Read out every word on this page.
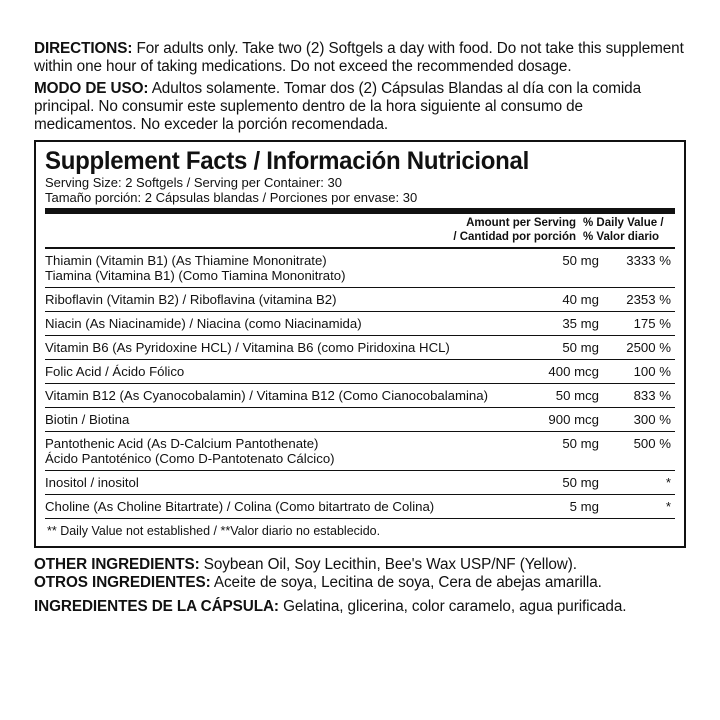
DIRECTIONS: For adults only. Take two (2) Softgels a day with food. Do not take this supplement within one hour of taking medications. Do not exceed the recommended dosage.

MODO DE USO: Adultos solamente. Tomar dos (2) Cápsulas Blandas al día con la comida principal. No consumir este suplemento dentro de la hora siguiente al consumo de medicamentos. No exceder la porción recomendada.

Supplement Facts / Información Nutricional
Serving Size: 2 Softgels / Serving per Container: 30
Tamaño porción: 2 Cápsulas blandas / Porciones por envase: 30
Amount per Serving
/ Cantidad por porción
% Daily Value /
% Valor diario
Thiamin (Vitamin B1) (As Thiamine Mononitrate)
Tiamina (Vitamina B1) (Como Tiamina Mononitrato)
50 mg	3333 %
Riboflavin (Vitamin B2) / Riboflavina (vitamina B2)	40 mg	2353 %
Niacin (As Niacinamide) / Niacina (como Niacinamida)	35 mg	175 %
Vitamin B6 (As Pyridoxine HCL) / Vitamina B6 (como Piridoxina HCL)	50 mg	2500 %
Folic Acid / Ácido Fólico	400 mcg	100 %
Vitamin B12 (As Cyanocobalamin) / Vitamina B12 (Como Cianocobalamina)	50 mcg	833 %
Biotin / Biotina	900 mcg	300 %
Pantothenic Acid (As D-Calcium Pantothenate)
Ácido Pantoténico (Como D-Pantotenato Cálcico)
50 mg	500 %
Inositol / inositol	50 mg	*
Choline (As Choline Bitartrate) / Colina (Como bitartrato de Colina)	5 mg	*
** Daily Value not established / **Valor diario no establecido.

OTHER INGREDIENTS: Soybean Oil, Soy Lecithin, Bee's Wax USP/NF (Yellow).

OTROS INGREDIENTES: Aceite de soya, Lecitina de soya, Cera de abejas amarilla.

INGREDIENTES DE LA CÁPSULA: Gelatina, glicerina, color caramelo, agua purificada.
